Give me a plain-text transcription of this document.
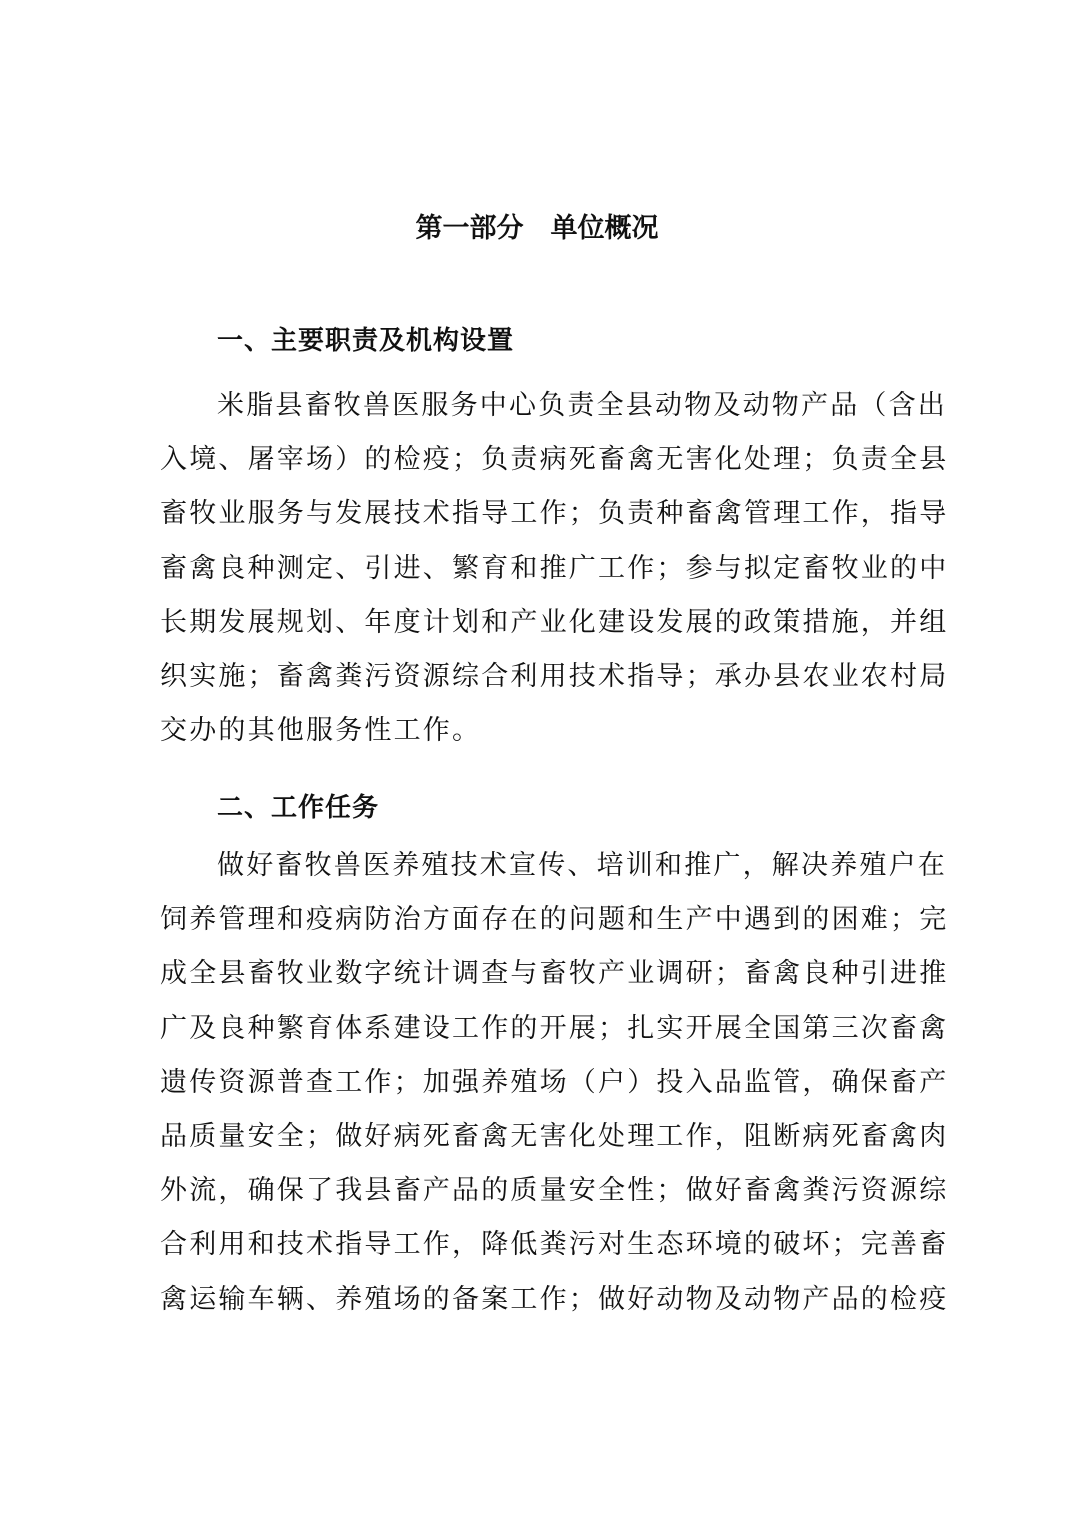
第一部分　单位概况
一、主要职责及机构设置
米脂县畜牧兽医服务中心负责全县动物及动物产品（含出
入境、屠宰场）的检疫；负责病死畜禽无害化处理；负责全县
畜牧业服务与发展技术指导工作；负责种畜禽管理工作，指导
畜禽良种测定、引进、繁育和推广工作；参与拟定畜牧业的中
长期发展规划、年度计划和产业化建设发展的政策措施，并组
织实施；畜禽粪污资源综合利用技术指导；承办县农业农村局
交办的其他服务性工作。
二、工作任务
做好畜牧兽医养殖技术宣传、培训和推广，解决养殖户在
饲养管理和疫病防治方面存在的问题和生产中遇到的困难；完
成全县畜牧业数字统计调查与畜牧产业调研；畜禽良种引进推
广及良种繁育体系建设工作的开展；扎实开展全国第三次畜禽
遗传资源普查工作；加强养殖场（户）投入品监管，确保畜产
品质量安全；做好病死畜禽无害化处理工作，阻断病死畜禽肉
外流，确保了我县畜产品的质量安全性；做好畜禽粪污资源综
合利用和技术指导工作，降低粪污对生态环境的破坏；完善畜
禽运输车辆、养殖场的备案工作；做好动物及动物产品的检疫
